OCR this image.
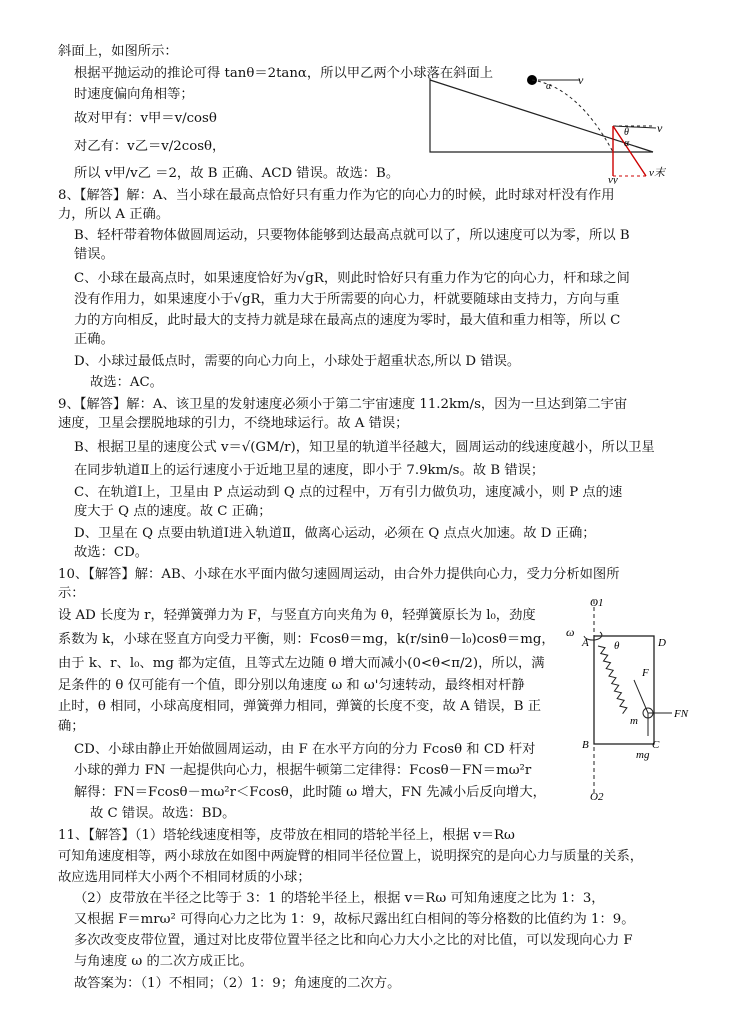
斜面上，如图所示：
根据平抛运动的推论可得 tanθ＝2tanα，所以甲乙两个小球落在斜面上
时速度偏向角相等；
故对甲有：v甲＝v/cosθ
对乙有：v乙＝v/2cosθ，
所以 v甲/v乙 ＝2，故 B 正确、ACD 错误。故选：B。
8、【解答】解：A、当小球在最高点恰好只有重力作为它的向心力的时候，此时球对杆没有作用
力，所以 A 正确。
B、轻杆带着物体做圆周运动，只要物体能够到达最高点就可以了，所以速度可以为零，所以 B
错误。
C、小球在最高点时，如果速度恰好为√gR，则此时恰好只有重力作为它的向心力，杆和球之间
没有作用力，如果速度小于√gR，重力大于所需要的向心力，杆就要随球由支持力，方向与重
力的方向相反，此时最大的支持力就是球在最高点的速度为零时，最大值和重力相等，所以 C
正确。
D、小球过最低点时，需要的向心力向上，小球处于超重状态,所以 D 错误。
故选：AC。
9、【解答】解：A、该卫星的发射速度必须小于第二宇宙速度 11.2km/s，因为一旦达到第二宇宙
速度，卫星会摆脱地球的引力，不绕地球运行。故 A 错误；
B、根据卫星的速度公式 v＝√(GM/r)，知卫星的轨道半径越大，圆周运动的线速度越小，所以卫星
在同步轨道Ⅱ上的运行速度小于近地卫星的速度，即小于 7.9km/s。故 B 错误；
C、在轨道Ⅰ上，卫星由 P 点运动到 Q 点的过程中，万有引力做负功，速度减小，则 P 点的速
度大于 Q 点的速度。故 C 正确；
D、卫星在 Q 点要由轨道Ⅰ进入轨道Ⅱ，做离心运动，必须在 Q 点点火加速。故 D 正确；
故选：CD。
10、【解答】解：AB、小球在水平面内做匀速圆周运动，由合外力提供向心力，受力分析如图所
示：
设 AD 长度为 r，轻弹簧弹力为 F，与竖直方向夹角为 θ，轻弹簧原长为 l₀，劲度
系数为 k，小球在竖直方向受力平衡，则：Fcosθ＝mg，k(r/sinθ－l₀)cosθ＝mg，
由于 k、r、l₀、mg 都为定值，且等式左边随 θ 增大而减小(0<θ<π/2)，所以，满
足条件的 θ 仅可能有一个值，即分别以角速度 ω 和 ω'匀速转动，最终相对杆静
止时，θ 相同，小球高度相同，弹簧弹力相同，弹簧的长度不变，故 A 错误，B 正
确；
CD、小球由静止开始做圆周运动，由 F 在水平方向的分力 Fcosθ 和 CD 杆对
小球的弹力 FN 一起提供向心力，根据牛顿第二定律得：Fcosθ－FN＝mω²r
解得：FN＝Fcosθ－mω²r＜Fcosθ，此时随 ω 增大，FN 先减小后反向增大，
故 C 错误。故选：BD。
11、【解答】（1）塔轮线速度相等，皮带放在相同的塔轮半径上，根据 v＝Rω
可知角速度相等，两小球放在如图中两旋臂的相同半径位置上，说明探究的是向心力与质量的关系，
故应选用同样大小两个不相同材质的小球；
（2）皮带放在半径之比等于 3：1 的塔轮半径上，根据 v＝Rω 可知角速度之比为 1：3，
又根据 F＝mrω² 可得向心力之比为 1：9，故标尺露出红白相间的等分格数的比值约为 1：9。
多次改变皮带位置，通过对比皮带位置半径之比和向心力大小之比的对比值，可以发现向心力 F
与角速度 ω 的二次方成正比。
故答案为：（1）不相同；（2）1：9；角速度的二次方。
v
α
θ
α
v
vy
v末
O1
ω
A	D
θ
F
m
FN
B	C
mg
O2
